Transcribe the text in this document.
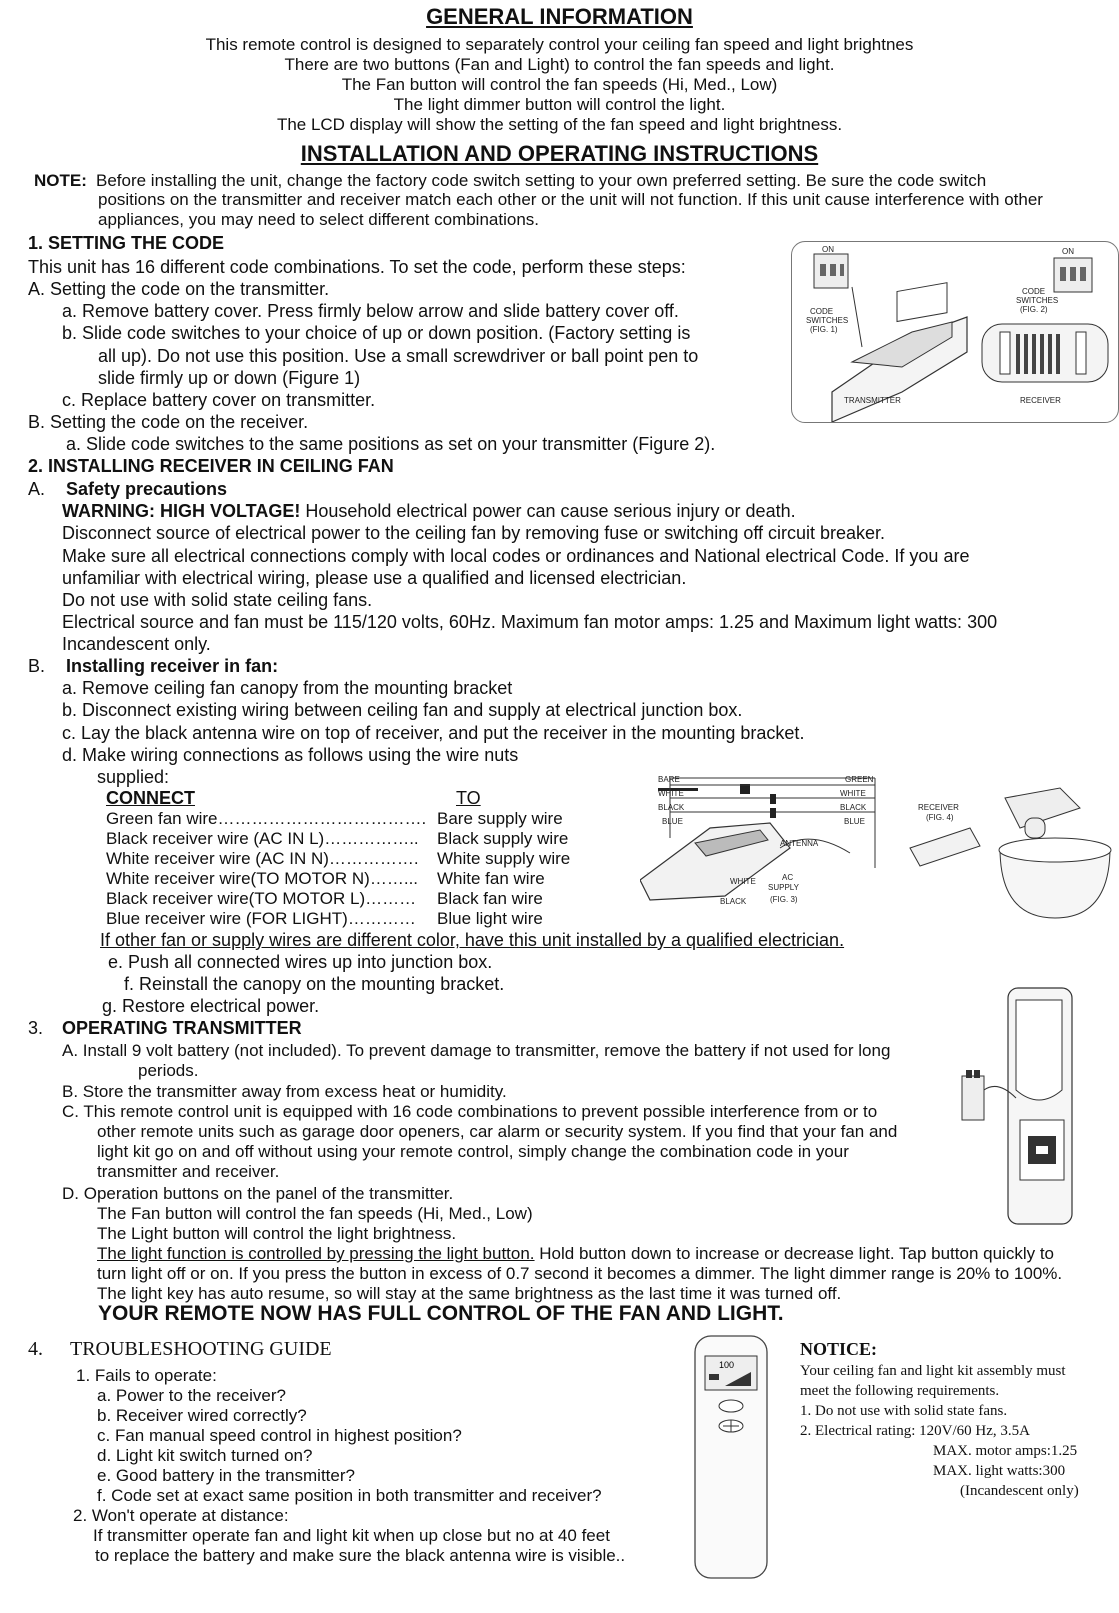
GENERAL INFORMATION
This remote control is designed to separately control your ceiling fan speed and light brightnes
There are two buttons (Fan and Light) to control the fan speeds and light.
The Fan button will control the fan speeds (Hi, Med., Low)
The light dimmer button will control the light.
The LCD display will show the setting of the fan speed and light brightness.
INSTALLATION AND OPERATING INSTRUCTIONS
NOTE: Before installing the unit, change the factory code switch setting to your own preferred setting. Be sure the code switch
positions on the transmitter and receiver match each other or the unit will not function. If this unit cause interference with other
appliances, you may need to select different combinations.
1. SETTING THE CODE
This unit has 16 different code combinations. To set the code, perform these steps:
A. Setting the code on the transmitter.
a. Remove battery cover. Press firmly below arrow and slide battery cover off.
b. Slide code switches to your choice of up or down position. (Factory setting is
all up). Do not use this position. Use a small screwdriver or ball point pen to
slide firmly up or down (Figure 1)
c. Replace battery cover on transmitter.
B. Setting the code on the receiver.
a. Slide code switches to the same positions as set on your transmitter (Figure 2).
ON
CODE
SWITCHES
(FIG. 1)
TRANSMITTER
ON
CODE
SWITCHES
(FIG. 2)
RECEIVER
2. INSTALLING RECEIVER IN CEILING FAN
A. Safety precautions
WARNING: HIGH VOLTAGE! Household electrical power can cause serious injury or death.
Disconnect source of electrical power to the ceiling fan by removing fuse or switching off circuit breaker.
Make sure all electrical connections comply with local codes or ordinances and National electrical Code. If you are
unfamiliar with electrical wiring, please use a qualified and licensed electrician.
Do not use with solid state ceiling fans.
Electrical source and fan must be 115/120 volts, 60Hz. Maximum fan motor amps: 1.25 and Maximum light watts: 300
Incandescent only.
B. Installing receiver in fan:
a. Remove ceiling fan canopy from the mounting bracket
b. Disconnect existing wiring between ceiling fan and supply at electrical junction box.
c. Lay the black antenna wire on top of receiver, and put the receiver in the mounting bracket.
d. Make wiring connections as follows using the wire nuts
supplied:
CONNECT	TO
Green fan wire………………………………. Bare supply wire
Black receiver wire (AC IN L)……………..	Black supply wire
White receiver wire (AC IN N)…………….	White supply wire
White receiver wire(TO MOTOR N)……...	White fan wire
Black receiver wire(TO MOTOR L)………	Black fan wire
Blue receiver wire (FOR LIGHT)…………	Blue light wire
If other fan or supply wires are different color, have this unit installed by a qualified electrician.
e. Push all connected wires up into junction box.
f. Reinstall the canopy on the mounting bracket.
g. Restore electrical power.
BARE	GREEN
WHITE	WHITE
BLACK	BLACK
BLUE	BLUE
ANTENNA
WHITE
BLACK
AC
SUPPLY
(FIG. 3)
RECEIVER
(FIG. 4)
3. OPERATING TRANSMITTER
A. Install 9 volt battery (not included). To prevent damage to transmitter, remove the battery if not used for long
periods.
B. Store the transmitter away from excess heat or humidity.
C. This remote control unit is equipped with 16 code combinations to prevent possible interference from or to
other remote units such as garage door openers, car alarm or security system. If you find that your fan and
light kit go on and off without using your remote control, simply change the combination code in your
transmitter and receiver.
D. Operation buttons on the panel of the transmitter.
The Fan button will control the fan speeds (Hi, Med., Low)
The Light button will control the light brightness.
The light function is controlled by pressing the light button. Hold button down to increase or decrease light. Tap button quickly to
turn light off or on. If you press the button in excess of 0.7 second it becomes a dimmer. The light dimmer range is 20% to 100%.
The light key has auto resume, so will stay at the same brightness as the last time it was turned off.
YOUR REMOTE NOW HAS FULL CONTROL OF THE FAN AND LIGHT.
4. TROUBLESHOOTING GUIDE
1. Fails to operate:
a. Power to the receiver?
b. Receiver wired correctly?
c. Fan manual speed control in highest position?
d. Light kit switch turned on?
e. Good battery in the transmitter?
f. Code set at exact same position in both transmitter and receiver?
2. Won't operate at distance:
If transmitter operate fan and light kit when up close but no at 40 feet
to replace the battery and make sure the black antenna wire is visible..
100
NOTICE:
Your ceiling fan and light kit assembly must
meet the following requirements.
1. Do not use with solid state fans.
2. Electrical rating: 120V/60 Hz, 3.5A
MAX. motor amps:1.25
MAX. light watts:300
(Incandescent only)
